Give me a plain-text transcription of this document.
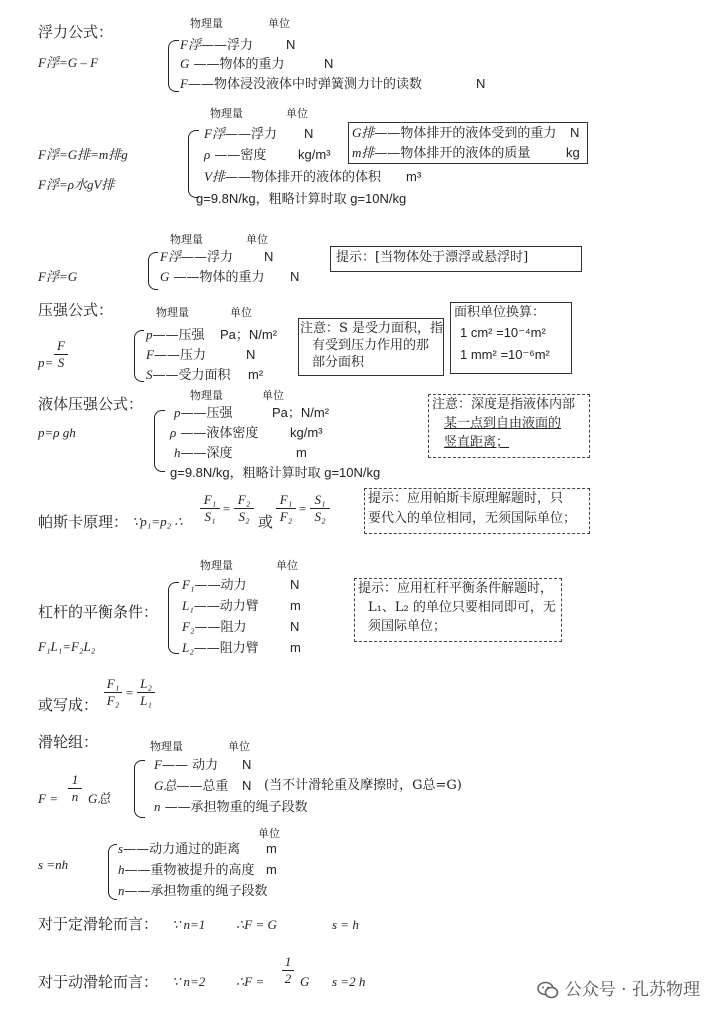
浮力公式：
F浮=G – F
物理量	单位
F浮——浮力	N
G ——物体的重力	N
F——物体浸没液体中时弹簧测力计的读数	N
物理量	单位
F浮=G排=m排g
F浮=ρ水gV排
F浮——浮力 N
ρ ——密度 kg/m³
V排——物体排开的液体的体积 m³
g=9.8N/kg，粗略计算时取 g=10N/kg
G排——物体排开的液体受到的重力 N
m排——物体排开的液体的质量	kg
物理量	单位
F浮=G
F浮——浮力 N
G ——物体的重力 N
提示：[当物体处于漂浮或悬浮时]
压强公式：
$p= \frac{F}{S}$
物理量	单位
p——压强 Pa；N/m²
F——压力	N
S——受力面积 m²
注意：S 是受力面积，指
有受到压力作用的那
部分面积
面积单位换算：
1 cm² =10⁻⁴m²
1 mm² =10⁻⁶m²
液体压强公式：
p=ρ gh
物理量	单位
p——压强	Pa；N/m²
ρ ——液体密度 kg/m³
h——深度	m
g=9.8N/kg，粗略计算时取 g=10N/kg
注意：深度是指液体内部
某一点到自由液面的
竖直距离；
帕斯卡原理： ∵p₁=p₂ ∴ $\frac{\text{F₁}}{\text{S₁}} = \frac{\text{F₂}}{\text{S₂}}$ 或 $\frac{\text{F₁}}{\text{F₂}} = \frac{\text{S₁}}{\text{S₂}}$	提示：应用帕斯卡原理解题时，只
要代入的单位相同，无须国际单位；
物理量	单位
杠杆的平衡条件：
F₁L₁=F₂L₂
F₁——动力	N
L₁——动力臂 m
F₂——阻力	N
L₂——阻力臂 m
提示：应用杠杆平衡条件解题时，
L₁、L₂ 的单位只要相同即可，无
须国际单位；
或写成： $\frac{\text{F₁}}{\text{F₂}} = \frac{\text{L₂}}{\text{L₁}}$
滑轮组：
$F = \frac{1}{n}$ G总
物理量	单位
F—— 动力 N
G总——总重 N (当不计滑轮重及摩擦时，G总=G)
n ——承担物重的绳子段数
单位
s =nh
s——动力通过的距离 m
h——重物被提升的高度 m
n——承担物重的绳子段数
对于定滑轮而言： ∵ n=1 ∴F = G	s = h
对于动滑轮而言： ∵ n=2 ∴F = $\frac{1}{2}$ G s =2 h	公众号 · 孔苏物理
